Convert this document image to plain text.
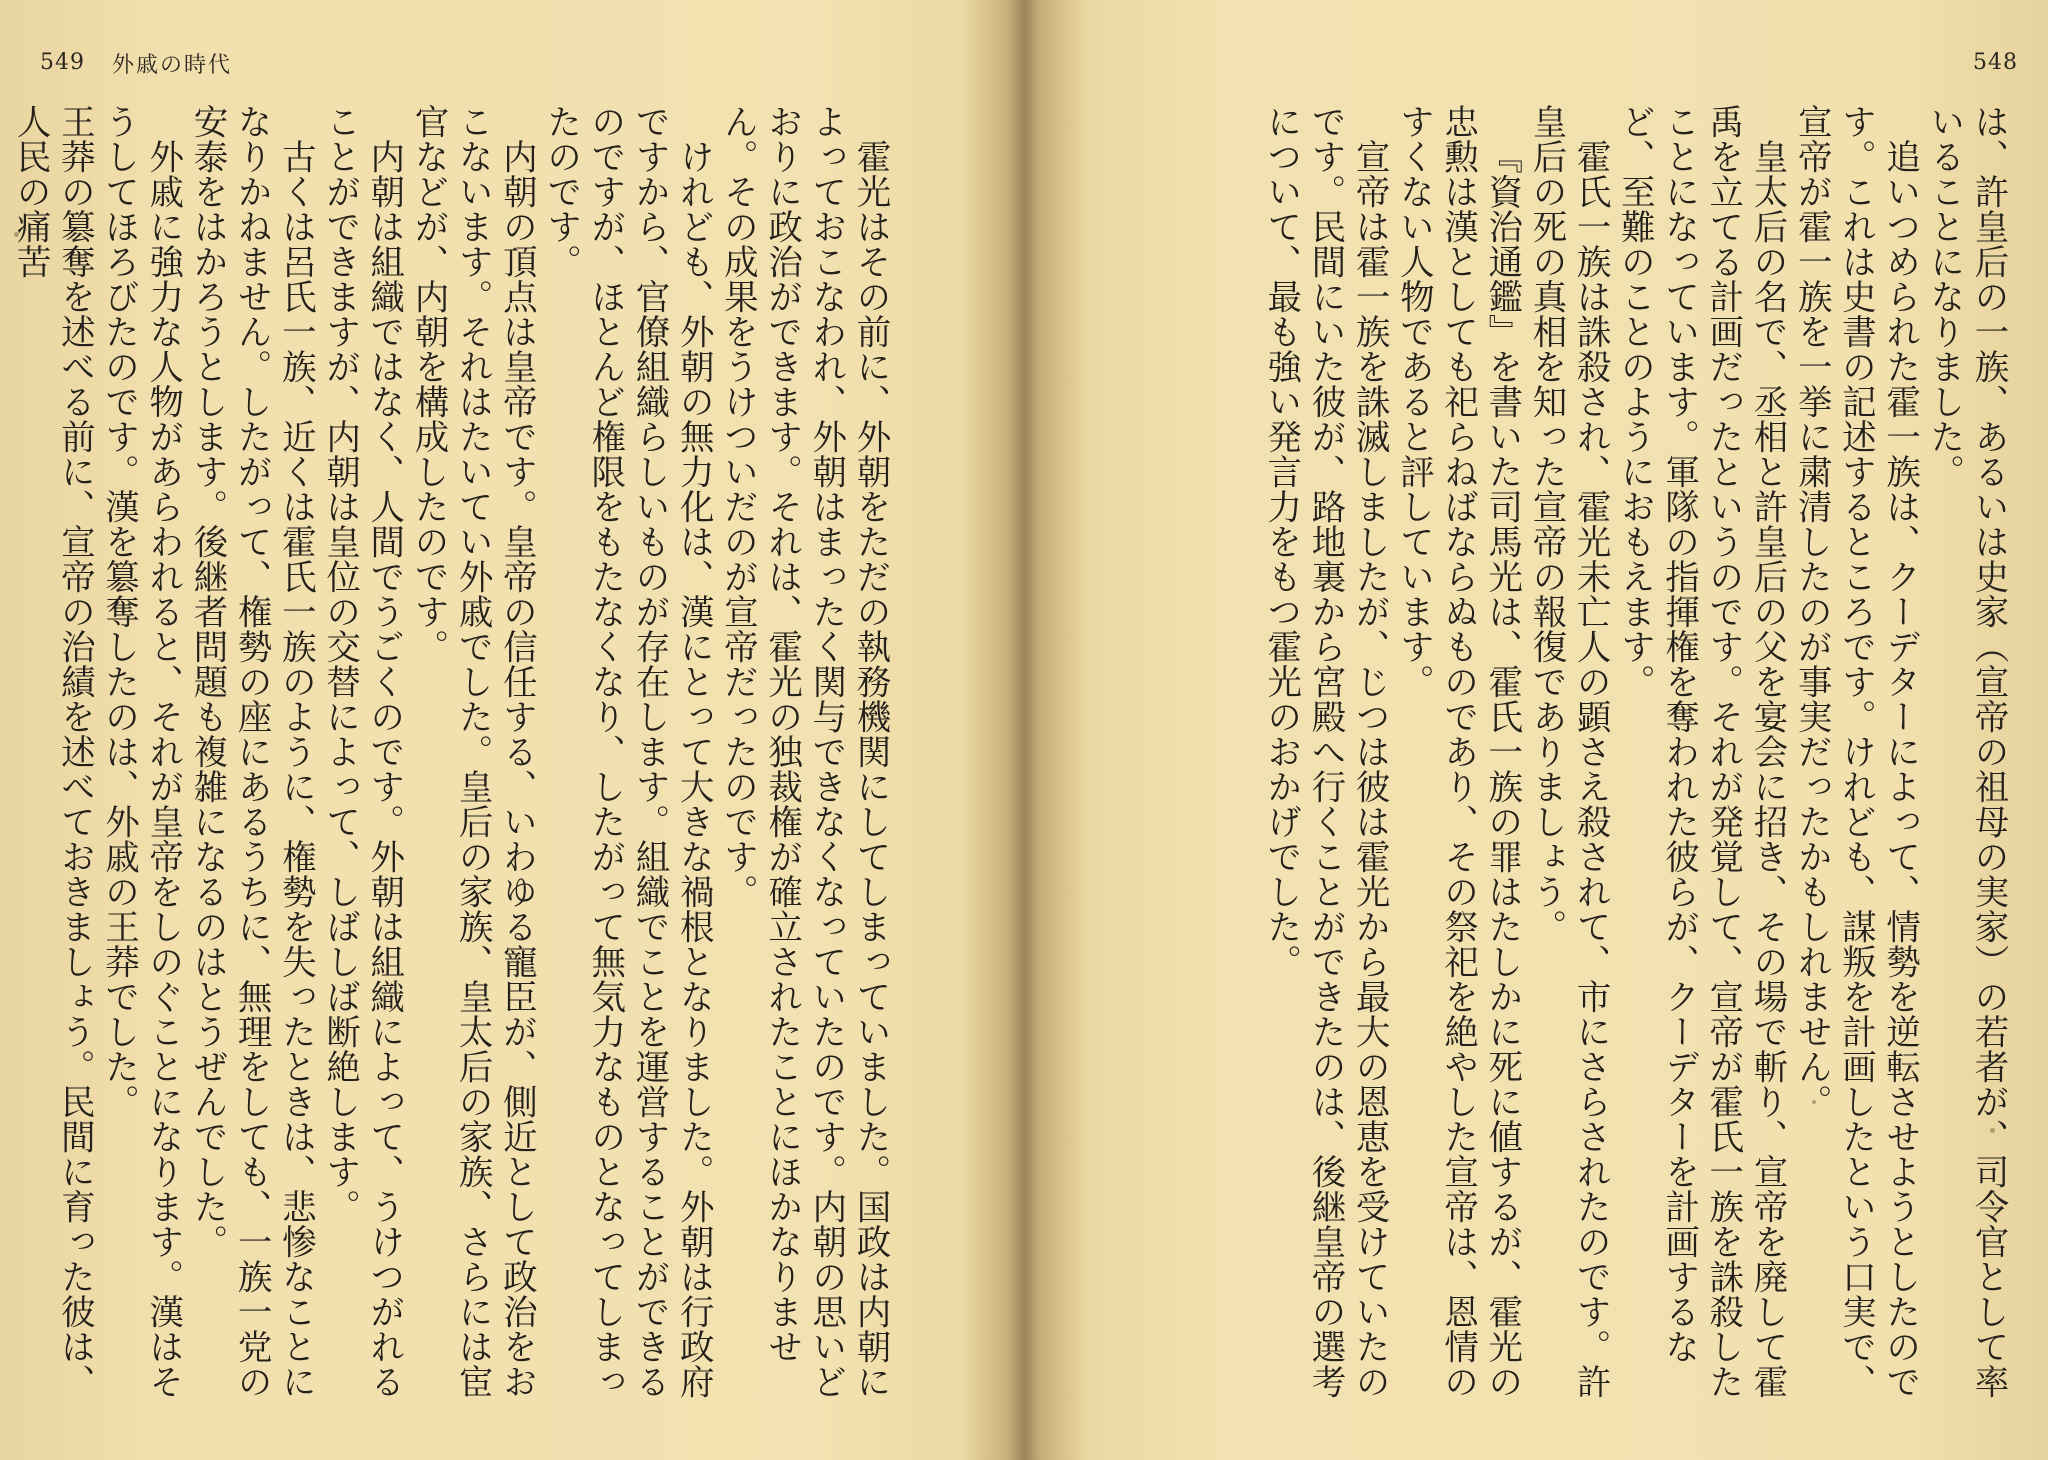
549 外戚の時代

霍光はその前に、外朝をただの執務機関にしてしまっていました。国政は内朝によっておこなわれ、外朝はまったく関与できなくなっていたのです。内朝の思いどおりに政治ができます。それは、霍光の独裁権が確立されたことにほかなりません。その成果をうけついだのが宣帝だったのです。

けれども、外朝の無力化は、漢にとって大きな禍根となりました。外朝は行政府ですから、官僚組織らしいものが存在します。組織でことを運営することができるのですが、ほとんど権限をもたなくなり、したがって無気力なものとなってしまったのです。

内朝の頂点は皇帝です。皇帝の信任する、いわゆる寵臣が、側近として政治をおこないます。それはたいてい外戚でした。皇后の家族、皇太后の家族、さらには宦官などが、内朝を構成したのです。

内朝は組織ではなく、人間でうごくのです。外朝は組織によって、うけつがれることができますが、内朝は皇位の交替によって、しばしば断絶します。

古くは呂氏一族、近くは霍氏一族のように、権勢を失ったときは、悲惨なことになりかねません。したがって、権勢の座にあるうちに、無理をしても、一族一党の安泰をはかろうとします。後継者問題も複雑になるのはとうぜんでした。

外戚に強力な人物があらわれると、それが皇帝をしのぐことになります。漢はそうしてほろびたのです。漢を簒奪したのは、外戚の王莽でした。

王莽の簒奪を述べる前に、宣帝の治績を述べておきましょう。民間に育った彼は、人民の痛苦

548

は、許皇后の一族、あるいは史家（宣帝の祖母の実家）の若者が、司令官として率いることになりました。

追いつめられた霍一族は、クーデターによって、情勢を逆転させようとしたのです。これは史書の記述するところです。けれども、謀叛を計画したという口実で、宣帝が霍一族を一挙に粛清したのが事実だったかもしれません。

皇太后の名で、丞相と許皇后の父を宴会に招き、その場で斬り、宣帝を廃して霍禹を立てる計画だったというのです。それが発覚して、宣帝が霍氏一族を誅殺したことになっています。軍隊の指揮権を奪われた彼らが、クーデターを計画するなど、至難のことのようにおもえます。

霍氏一族は誅殺され、霍光未亡人の顕さえ殺されて、市にさらされたのです。許皇后の死の真相を知った宣帝の報復でありましょう。

『資治通鑑』を書いた司馬光は、霍氏一族の罪はたしかに死に値するが、霍光の忠勲は漢としても祀らねばならぬものであり、その祭祀を絶やした宣帝は、恩情のすくない人物であると評しています。

宣帝は霍一族を誅滅しましたが、じつは彼は霍光から最大の恩恵を受けていたのです。民間にいた彼が、路地裏から宮殿へ行くことができたのは、後継皇帝の選考について、最も強い発言力をもつ霍光のおかげでした。
